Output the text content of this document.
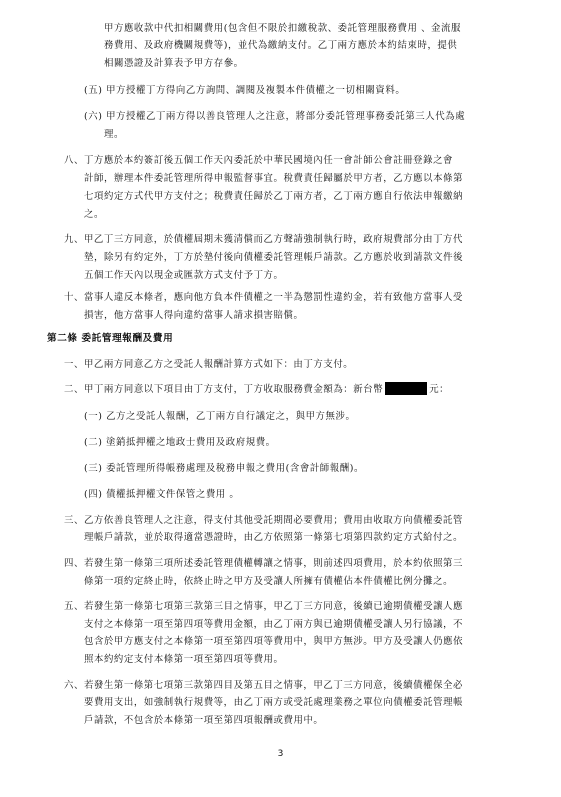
甲方應收款中代扣相關費用(包含但不限於扣繳稅款、委託管理服務費用 、金流服
務費用、及政府機關規費等)，並代為繳納支付。乙丁兩方應於本約結束時，提供
相關憑證及計算表予甲方存參。
(五) 甲方授權丁方得向乙方詢問、調閱及複製本件債權之一切相關資料。
(六) 甲方授權乙丁兩方得以善良管理人之注意，將部分委託管理事務委託第三人代為處
理。
八、丁方應於本約簽訂後五個工作天內委託於中華民國境內任一會計師公會註冊登錄之會
計師，辦理本件委託管理所得申報監督事宜。稅費責任歸屬於甲方者，乙方應以本條第
七項約定方式代甲方支付之；稅費責任歸於乙丁兩方者，乙丁兩方應自行依法申報繳納
之。
九、甲乙丁三方同意，於債權屆期未獲清償而乙方聲請強制執行時，政府規費部分由丁方代
墊，除另有約定外，丁方於墊付後向債權委託管理帳戶請款。乙方應於收到請款文件後
五個工作天內以現金或匯款方式支付予丁方。
十、當事人違反本條者，應向他方負本件債權之一半為懲罰性違約金，若有致他方當事人受
損害，他方當事人得向違約當事人請求損害賠償。
第二條 委託管理報酬及費用
一、甲乙兩方同意乙方之受託人報酬計算方式如下：由丁方支付。
二、甲丁兩方同意以下項目由丁方支付，丁方收取服務費金額為：新台幣	元：
(一) 乙方之受託人報酬，乙丁兩方自行議定之，與甲方無涉。
(二) 塗銷抵押權之地政士費用及政府規費。
(三) 委託管理所得帳務處理及稅務申報之費用(含會計師報酬)。
(四) 債權抵押權文件保管之費用 。
三、乙方依善良管理人之注意，得支付其他受託期間必要費用；費用由收取方向債權委託管
理帳戶請款，並於取得適當憑證時，由乙方依照第一條第七項第四款約定方式給付之。
四、若發生第一條第三項所述委託管理債權轉讓之情事，則前述四項費用，於本約依照第三
條第一項約定終止時，依終止時之甲方及受讓人所擁有債權佔本件債權比例分攤之。
五、若發生第一條第七項第三款第三目之情事，甲乙丁三方同意，後續已逾期債權受讓人應
支付之本條第一項至第四項等費用金額，由乙丁兩方與已逾期債權受讓人另行協議，不
包含於甲方應支付之本條第一項至第四項等費用中，與甲方無涉。甲方及受讓人仍應依
照本約約定支付本條第一項至第四項等費用。
六、若發生第一條第七項第三款第四目及第五目之情事，甲乙丁三方同意，後續債權保全必
要費用支出，如強制執行規費等，由乙丁兩方或受託處理業務之單位向債權委託管理帳
戶請款，不包含於本條第一項至第四項報酬或費用中。
3
